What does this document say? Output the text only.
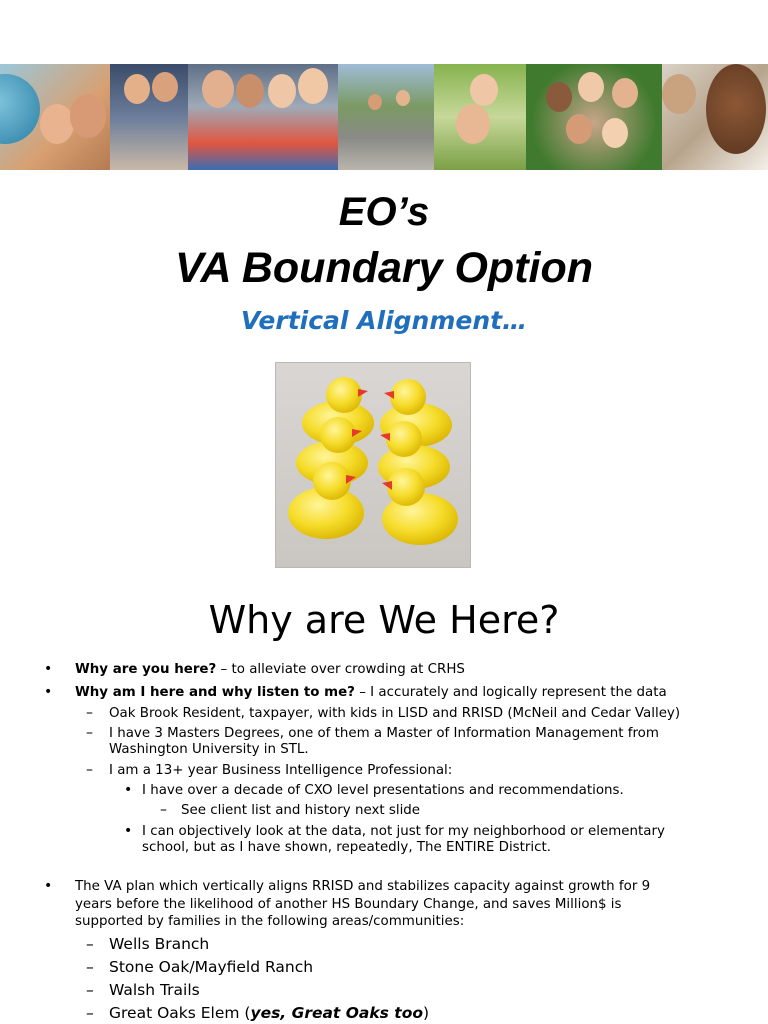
EO’s
VA Boundary Option
Vertical Alignment…
Why are We Here?
• Why are you here? – to alleviate over crowding at CRHS
• Why am I here and why listen to me? – I accurately and logically represent the data
– Oak Brook Resident, taxpayer, with kids in LISD and RRISD (McNeil and Cedar Valley)
– I have 3 Masters Degrees, one of them a Master of Information Management from
Washington University in STL.
– I am a 13+ year Business Intelligence Professional:
• I have over a decade of CXO level presentations and recommendations.
– See client list and history next slide
• I can objectively look at the data, not just for my neighborhood or elementary
school, but as I have shown, repeatedly, The ENTIRE District.
• The VA plan which vertically aligns RRISD and stabilizes capacity against growth for 9
years before the likelihood of another HS Boundary Change, and saves Million$ is
supported by families in the following areas/communities:
– Wells Branch
– Stone Oak/Mayfield Ranch
– Walsh Trails
– Great Oaks Elem (yes, Great Oaks too)
